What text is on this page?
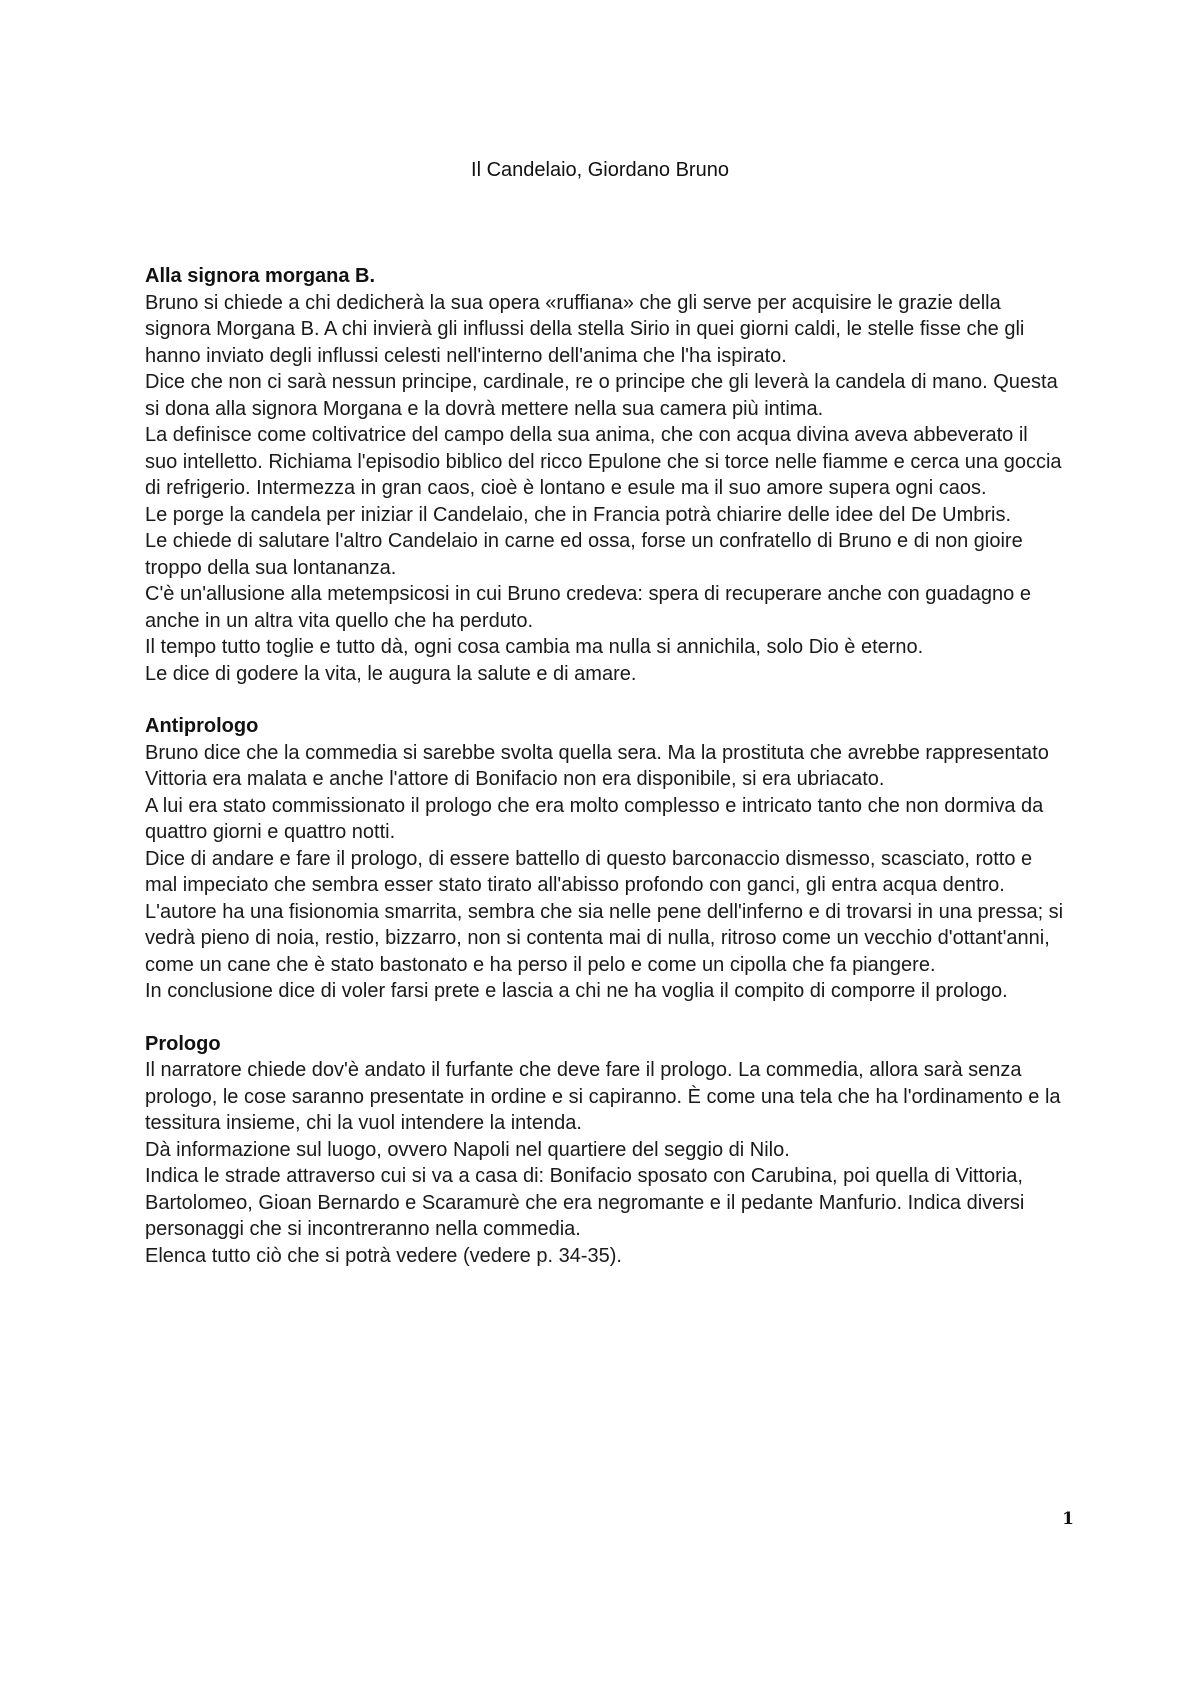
Il Candelaio, Giordano Bruno
Alla signora morgana B.

Bruno si chiede a chi dedicherà la sua opera «ruffiana» che gli serve per acquisire le grazie della signora Morgana B. A chi invierà gli influssi della stella Sirio in quei giorni caldi, le stelle fisse che gli hanno inviato degli influssi celesti nell'interno dell'anima che l'ha ispirato.

Dice che non ci sarà nessun principe, cardinale, re o principe che gli leverà la candela di mano. Questa si dona alla signora Morgana e la dovrà mettere nella sua camera più intima.

La definisce come coltivatrice del campo della sua anima, che con acqua divina aveva abbeverato il suo intelletto. Richiama l'episodio biblico del ricco Epulone che si torce nelle fiamme e cerca una goccia di refrigerio. Intermezza in gran caos, cioè è lontano e esule ma il suo amore supera ogni caos.

Le porge la candela per iniziar il Candelaio, che in Francia potrà chiarire delle idee del De Umbris.

Le chiede di salutare l'altro Candelaio in carne ed ossa, forse un confratello di Bruno e di non gioire troppo della sua lontananza.

C'è un'allusione alla metempsicosi in cui Bruno credeva: spera di recuperare anche con guadagno e anche in un altra vita quello che ha perduto.

Il tempo tutto toglie e tutto dà, ogni cosa cambia ma nulla si annichila, solo Dio è eterno.

Le dice di godere la vita, le augura la salute e di amare.

Antiprologo

Bruno dice che la commedia si sarebbe svolta quella sera. Ma la prostituta che avrebbe rappresentato Vittoria era malata e anche l'attore di Bonifacio non era disponibile, si era ubriacato.

A lui era stato commissionato il prologo che era molto complesso e intricato tanto che non dormiva da quattro giorni e quattro notti.

Dice di andare e fare il prologo, di essere battello di questo barconaccio dismesso, scasciato, rotto e mal impeciato che sembra esser stato tirato all'abisso profondo con ganci, gli entra acqua dentro.

L'autore ha una fisionomia smarrita, sembra che sia nelle pene dell'inferno e di trovarsi in una pressa; si vedrà pieno di noia, restio, bizzarro, non si contenta mai di nulla, ritroso come un vecchio d'ottant'anni, come un cane che è stato bastonato e ha perso il pelo e come un cipolla che fa piangere.

In conclusione dice di voler farsi prete e lascia a chi ne ha voglia il compito di comporre il prologo.

Prologo

Il narratore chiede dov'è andato il furfante che deve fare il prologo. La commedia, allora sarà senza prologo, le cose saranno presentate in ordine e si capiranno. È come una tela che ha l'ordinamento e la tessitura insieme, chi la vuol intendere la intenda.

Dà informazione sul luogo, ovvero Napoli nel quartiere del seggio di Nilo.

Indica le strade attraverso cui si va a casa di: Bonifacio sposato con Carubina, poi quella di Vittoria, Bartolomeo, Gioan Bernardo e Scaramurè che era negromante e il pedante Manfurio. Indica diversi personaggi che si incontreranno nella commedia.

Elenca tutto ciò che si potrà vedere (vedere p. 34-35).

1
